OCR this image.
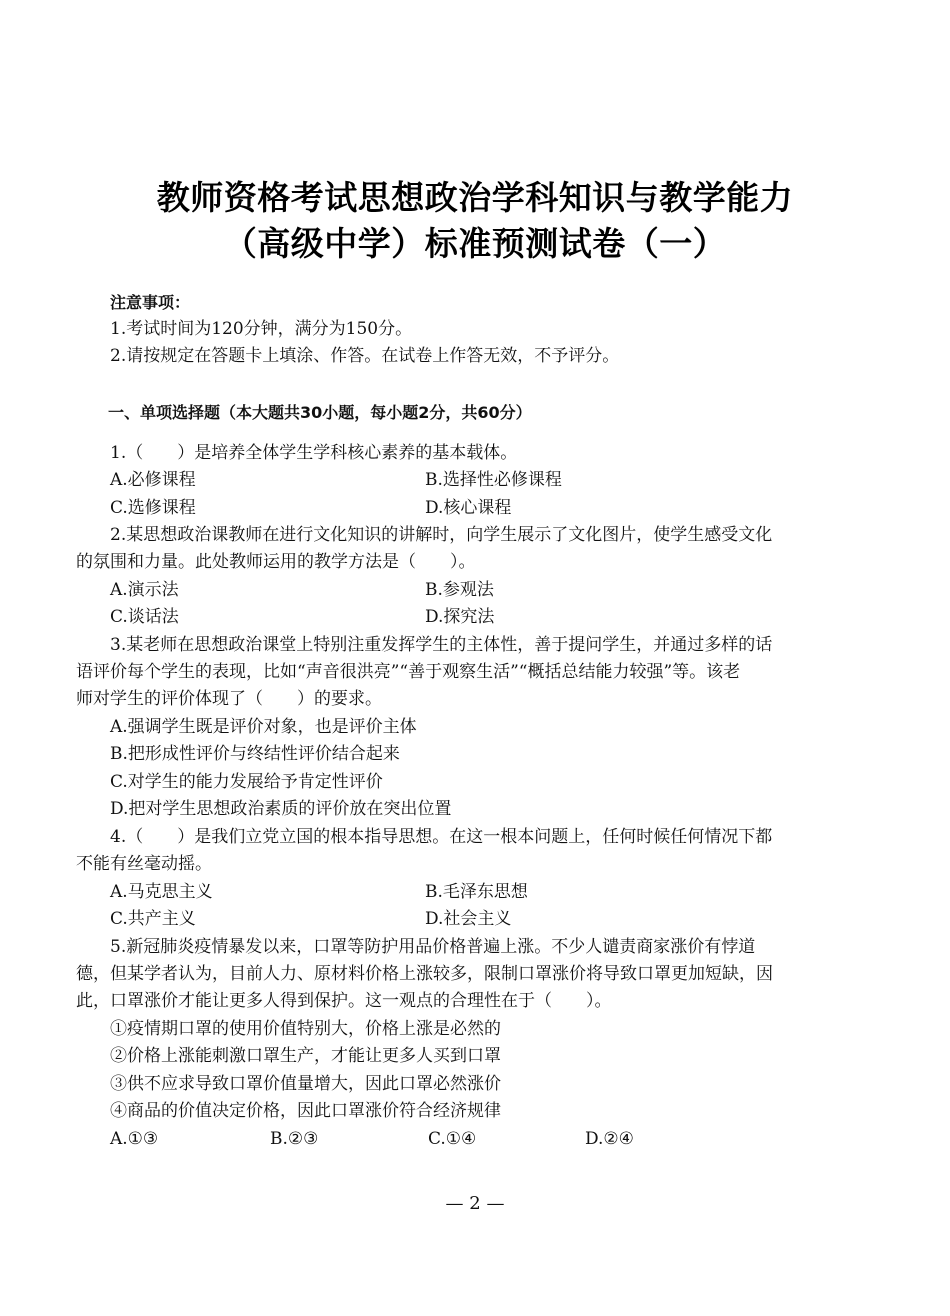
教师资格考试思想政治学科知识与教学能力
（高级中学）标准预测试卷（一）
注意事项：
1.考试时间为120分钟，满分为150分。
2.请按规定在答题卡上填涂、作答。在试卷上作答无效，不予评分。
一、单项选择题（本大题共30小题，每小题2分，共60分）
1.（　　）是培养全体学生学科核心素养的基本载体。
A.必修课程	B.选择性必修课程
C.选修课程	D.核心课程
2.某思想政治课教师在进行文化知识的讲解时，向学生展示了文化图片，使学生感受文化
的氛围和力量。此处教师运用的教学方法是（　　）。
A.演示法	B.参观法
C.谈话法	D.探究法
3.某老师在思想政治课堂上特别注重发挥学生的主体性，善于提问学生，并通过多样的话
语评价每个学生的表现，比如“声音很洪亮”“善于观察生活”“概括总结能力较强”等。该老
师对学生的评价体现了（　　）的要求。
A.强调学生既是评价对象，也是评价主体
B.把形成性评价与终结性评价结合起来
C.对学生的能力发展给予肯定性评价
D.把对学生思想政治素质的评价放在突出位置
4.（　　）是我们立党立国的根本指导思想。在这一根本问题上，任何时候任何情况下都
不能有丝毫动摇。
A.马克思主义	B.毛泽东思想
C.共产主义	D.社会主义
5.新冠肺炎疫情暴发以来，口罩等防护用品价格普遍上涨。不少人谴责商家涨价有悖道
德，但某学者认为，目前人力、原材料价格上涨较多，限制口罩涨价将导致口罩更加短缺，因
此，口罩涨价才能让更多人得到保护。这一观点的合理性在于（　　）。
①疫情期口罩的使用价值特别大，价格上涨是必然的
②价格上涨能刺激口罩生产，才能让更多人买到口罩
③供不应求导致口罩价值量增大，因此口罩必然涨价
④商品的价值决定价格，因此口罩涨价符合经济规律
A.①③	B.②③	C.①④	D.②④
— 2 —
